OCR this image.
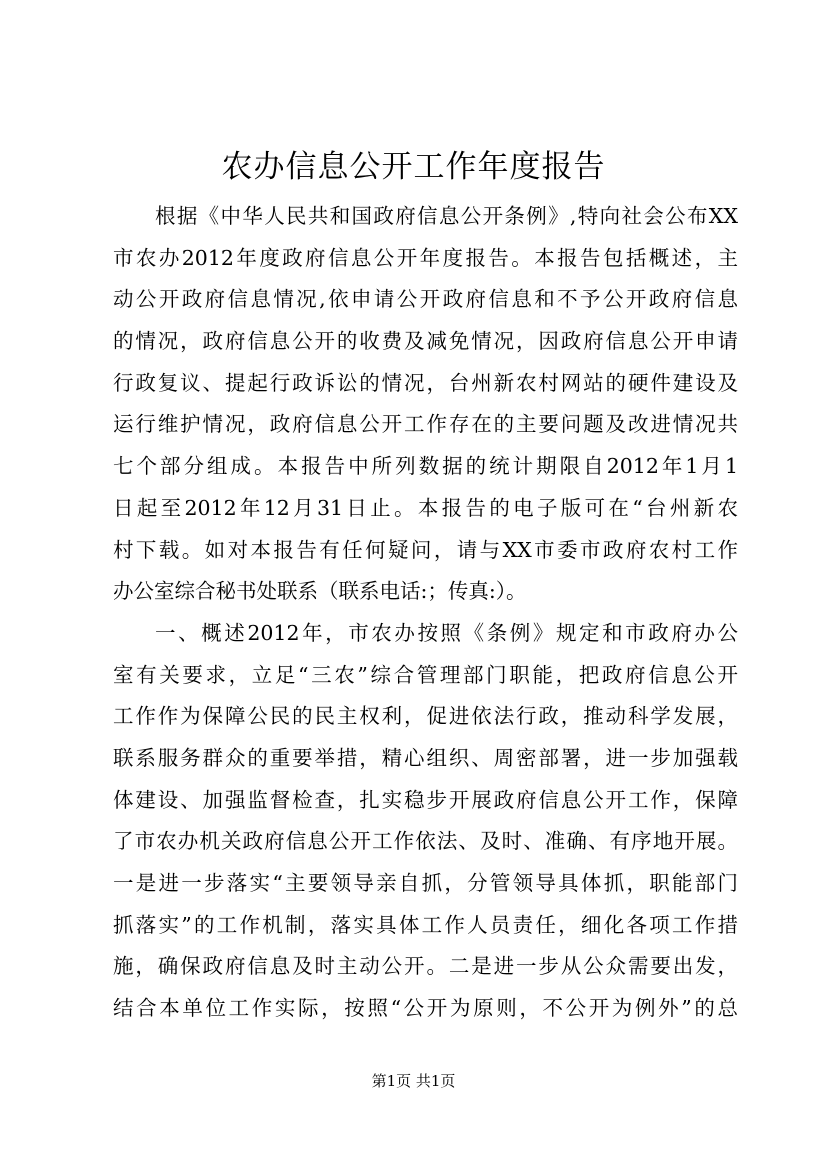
农办信息公开工作年度报告
根据《中华人民共和国政府信息公开条例》,特向社会公布XX
市农办2012年度政府信息公开年度报告。本报告包括概述，主
动公开政府信息情况,依申请公开政府信息和不予公开政府信息
的情况，政府信息公开的收费及减免情况，因政府信息公开申请
行政复议、提起行政诉讼的情况，台州新农村网站的硬件建设及
运行维护情况，政府信息公开工作存在的主要问题及改进情况共
七个部分组成。本报告中所列数据的统计期限自2012年1月1
日起至2012年12月31日止。本报告的电子版可在“台州新农
村下载。如对本报告有任何疑问，请与XX市委市政府农村工作
办公室综合秘书处联系（联系电话:；传真:）。
一、概述2012年，市农办按照《条例》规定和市政府办公
室有关要求，立足“三农”综合管理部门职能，把政府信息公开
工作作为保障公民的民主权利，促进依法行政，推动科学发展，
联系服务群众的重要举措，精心组织、周密部署，进一步加强载
体建设、加强监督检查，扎实稳步开展政府信息公开工作，保障
了市农办机关政府信息公开工作依法、及时、准确、有序地开展。
一是进一步落实“主要领导亲自抓，分管领导具体抓，职能部门
抓落实”的工作机制，落实具体工作人员责任，细化各项工作措
施，确保政府信息及时主动公开。二是进一步从公众需要出发，
结合本单位工作实际，按照“公开为原则，不公开为例外”的总
第1页 共1页
